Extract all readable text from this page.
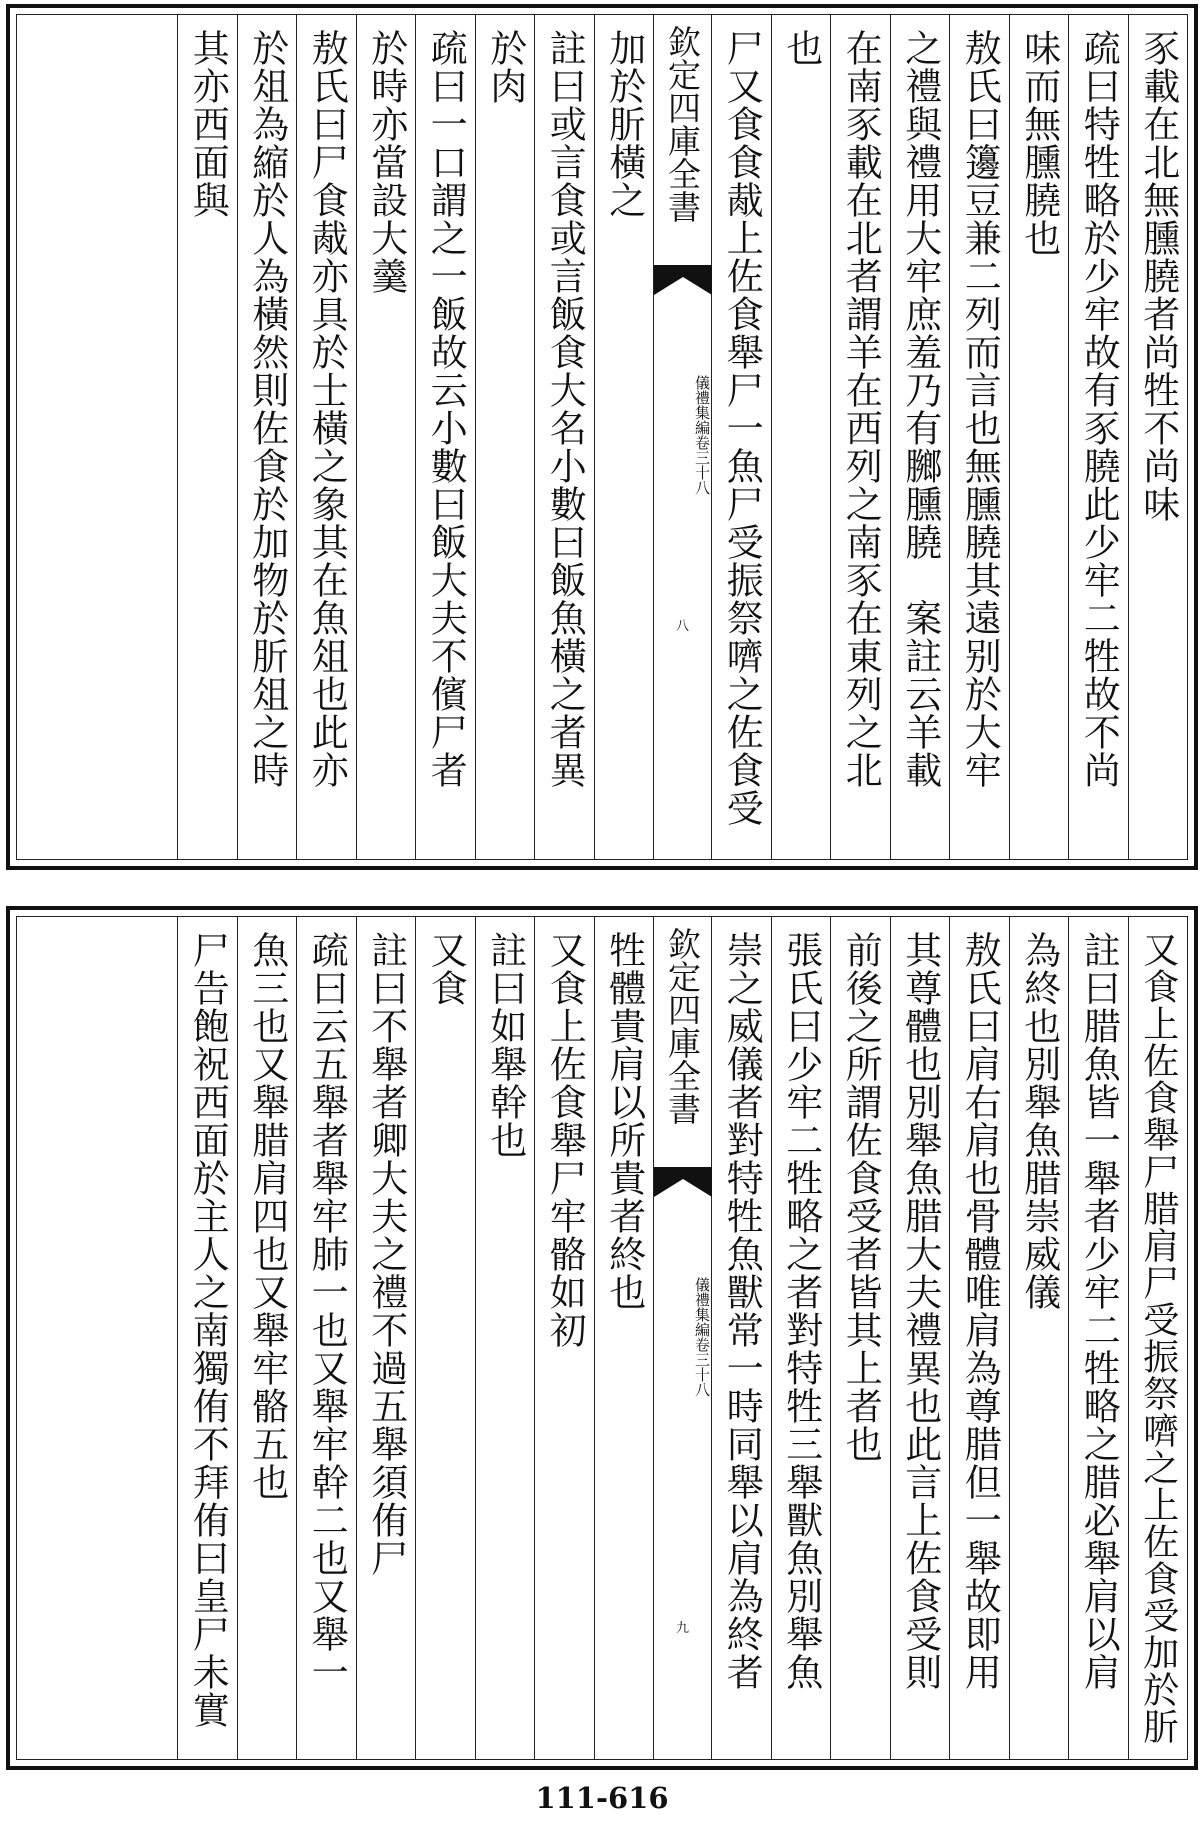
豕載在北無臐膮者尚牲不尚味
疏曰特牲略於少牢故有豕膮此少牢二牲故不尚
味而無臐膮也
敖氏曰籩豆兼二列而言也無臐膮其遠别於大牢
之禮與禮用大牢庶羞乃有膷臐膮　案註云羊載
在南豕載在北者謂羊在西列之南豕在東列之北
也
尸又食食胾上佐食舉尸一魚尸受振祭嚌之佐食受
欽定四庫全書
儀禮集編
卷三十八
八
加於肵橫之
註曰或言食或言飯食大名小數曰飯魚橫之者異
於肉
疏曰一口謂之一飯故云小數曰飯大夫不儐尸者
於時亦當設大羹
敖氏曰尸食胾亦具於士橫之象其在魚俎也此亦
於俎為縮於人為橫然則佐食於加物於肵俎之時
其亦西面與
又食上佐食舉尸腊肩尸受振祭嚌之上佐食受加於肵
註曰腊魚皆一舉者少牢二牲略之腊必舉肩以肩
為終也別舉魚腊崇威儀
敖氏曰肩右肩也骨體唯肩為尊腊但一舉故即用
其尊體也別舉魚腊大夫禮異也此言上佐食受則
前後之所謂佐食受者皆其上者也
張氏曰少牢二牲略之者對特牲三舉獸魚別舉魚
崇之威儀者對特牲魚獸常一時同舉以肩為終者
欽定四庫全書
儀禮集編
卷三十八
九
牲體貴肩以所貴者終也
又食上佐食舉尸牢骼如初
註曰如舉幹也
又食
註曰不舉者卿大夫之禮不過五舉須侑尸
疏曰云五舉者舉牢肺一也又舉牢幹二也又舉一
魚三也又舉腊肩四也又舉牢骼五也
尸告飽祝西面於主人之南獨侑不拜侑曰皇尸未實
111-616
